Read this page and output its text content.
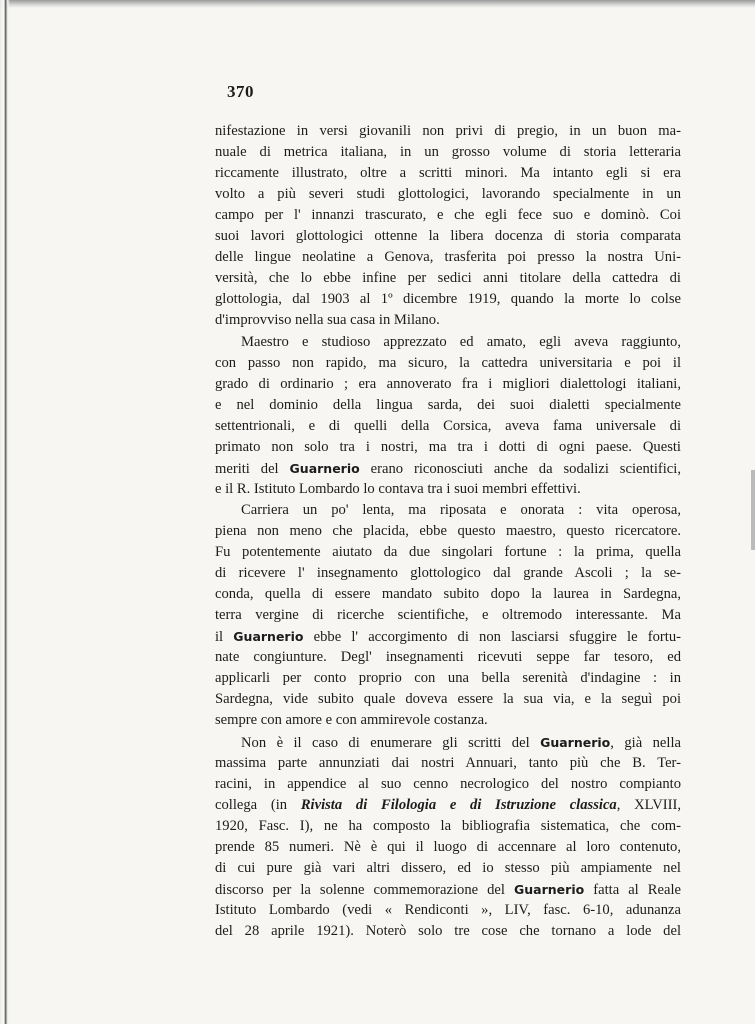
370
nifestazione in versi giovanili non privi di pregio, in un buon ma-
nuale di metrica italiana, in un grosso volume di storia letteraria
riccamente illustrato, oltre a scritti minori. Ma intanto egli si era
volto a più severi studi glottologici, lavorando specialmente in un
campo per l' innanzi trascurato, e che egli fece suo e dominò. Coi
suoi lavori glottologici ottenne la libera docenza di storia comparata
delle lingue neolatine a Genova, trasferita poi presso la nostra Uni-
versità, che lo ebbe infine per sedici anni titolare della cattedra di
glottologia, dal 1903 al 1º dicembre 1919, quando la morte lo colse
d'improvviso nella sua casa in Milano.
Maestro e studioso apprezzato ed amato, egli aveva raggiunto,
con passo non rapido, ma sicuro, la cattedra universitaria e poi il
grado di ordinario ; era annoverato fra i migliori dialettologi italiani,
e nel dominio della lingua sarda, dei suoi dialetti specialmente
settentrionali, e di quelli della Corsica, aveva fama universale di
primato non solo tra i nostri, ma tra i dotti di ogni paese. Questi
meriti del Guarnerio erano riconosciuti anche da sodalizi scientifici,
e il R. Istituto Lombardo lo contava tra i suoi membri effettivi.
Carriera un po' lenta, ma riposata e onorata : vita operosa,
piena non meno che placida, ebbe questo maestro, questo ricercatore.
Fu potentemente aiutato da due singolari fortune : la prima, quella
di ricevere l' insegnamento glottologico dal grande Ascoli ; la se-
conda, quella di essere mandato subito dopo la laurea in Sardegna,
terra vergine di ricerche scientifiche, e oltremodo interessante. Ma
il Guarnerio ebbe l' accorgimento di non lasciarsi sfuggire le fortu-
nate congiunture. Degl' insegnamenti ricevuti seppe far tesoro, ed
applicarli per conto proprio con una bella serenità d'indagine : in
Sardegna, vide subito quale doveva essere la sua via, e la seguì poi
sempre con amore e con ammirevole costanza.
Non è il caso di enumerare gli scritti del Guarnerio, già nella
massima parte annunziati dai nostri Annuari, tanto più che B. Ter-
racini, in appendice al suo cenno necrologico del nostro compianto
collega (in Rivista di Filologia e di Istruzione classica, XLVIII,
1920, Fasc. I), ne ha composto la bibliografia sistematica, che com-
prende 85 numeri. Nè è qui il luogo di accennare al loro contenuto,
di cui pure già vari altri dissero, ed io stesso più ampiamente nel
discorso per la solenne commemorazione del Guarnerio fatta al Reale
Istituto Lombardo (vedi « Rendiconti », LIV, fasc. 6-10, adunanza
del 28 aprile 1921). Noterò solo tre cose che tornano a lode del
